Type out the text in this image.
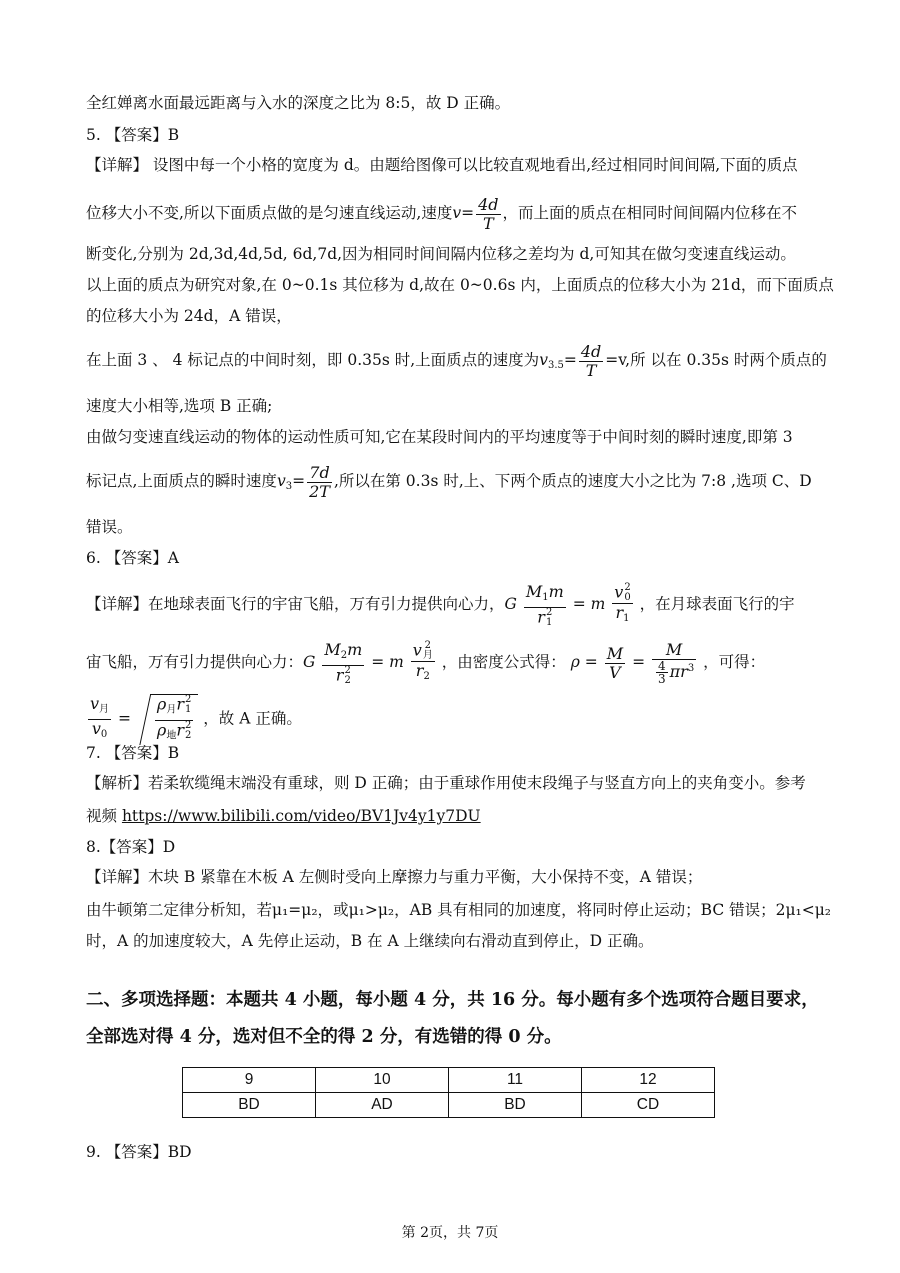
全红婵离水面最远距离与入水的深度之比为 8:5，故 D 正确。
5. 【答案】B
【详解】 设图中每一个小格的宽度为 d。由题给图像可以比较直观地看出,经过相同时间间隔,下面的质点
位移大小不变,所以下面质点做的是匀速直线运动,速度$v= \frac{4d}{T}$ ，而上面的质点在相同时间间隔内位移在不
断变化,分别为 2d,3d,4d,5d, 6d,7d,因为相同时间间隔内位移之差均为 d,可知其在做匀变速直线运动。
以上面的质点为研究对象,在 0~0.1s 其位移为 d,故在 0~0.6s 内，上面质点的位移大小为 21d，而下面质点
的位移大小为 24d，A 错误，
在上面 3 、 4 标记点的中间时刻，即 0.35s 时,上面质点的速度为$v_{3.5}= \frac{4d}{T} =v$,所 以在 0.35s 时两个质点的
速度大小相等,选项 B 正确;
由做匀变速直线运动的物体的运动性质可知,它在某段时间内的平均速度等于中间时刻的瞬时速度,即第 3
标记点,上面质点的瞬时速度$v_3= \frac{7d}{2T}$ ,所以在第 0.3s 时,上、下两个质点的速度大小之比为 7:8 ,选项 C、D
错误。
6. 【答案】A
【详解】在地球表面飞行的宇宙飞船，万有引力提供向心力，G $M_1m$
r 2
1 = m v 2
0
$r_1$ ，在月球表面飞行的宇
宙飞船，万有引力提供向心力：G $M_2m$
r 2
2 = m v 2
月
$r_2$ ，由密度公式得： $\rho = \frac{M}{V} = \frac{M}{\frac{4}{3} \pi r^3}$ ，可得：
$\frac{v_月}{v_0} = \rho_月r$ 2
1
$\rho_地r$ 2
2 ，故 A 正确。
7. 【答案】B
【解析】若柔软缆绳末端没有重球，则 D 正确；由于重球作用使末段绳子与竖直方向上的夹角变小。参考
视频 https://www.bilibili.com/video/BV1Jv4y1y7DU
8.【答案】D
【详解】木块 B 紧靠在木板 A 左侧时受向上摩擦力与重力平衡，大小保持不变，A 错误；
由牛顿第二定律分析知，若μ₁=μ₂，或μ₁>μ₂，AB 具有相同的加速度，将同时停止运动；BC 错误；2μ₁<μ₂
时，A 的加速度较大，A 先停止运动，B 在 A 上继续向右滑动直到停止，D 正确。
二、多项选择题：本题共 4 小题，每小题 4 分，共 16 分。每小题有多个选项符合题目要求，
全部选对得 4 分，选对但不全的得 2 分，有选错的得 0 分。
9	10	11	12
BD	AD	BD	CD
9. 【答案】BD
第 2页，共 7页
